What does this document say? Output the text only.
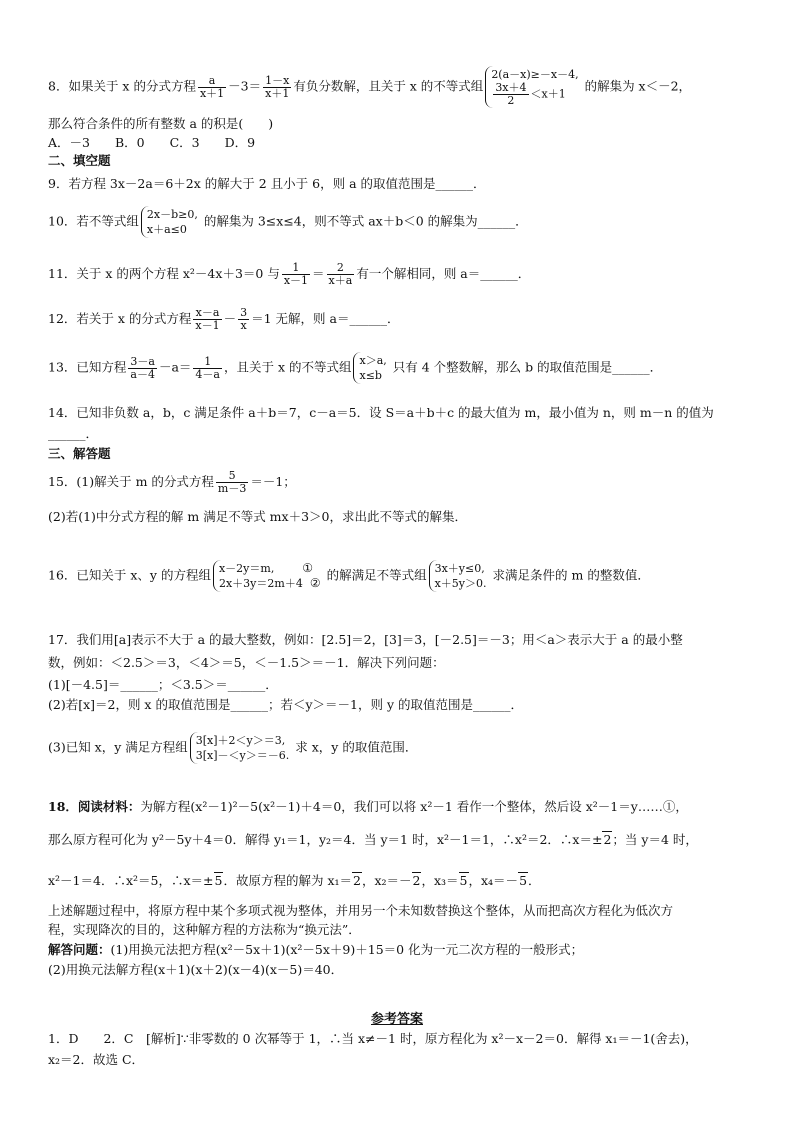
8．如果关于 x 的分式方程 $\frac{a}{x+1} -3= \frac{1-x}{x+1}$ 有负分数解，且关于 x 的不等式组
2(a－x)≥－x－4,
$\frac{3x+4}{2} <x+1$
的解集为 x＜－2，
那么符合条件的所有整数 a 的积是(　　)
A．－3　　B．0　　C．3　　D．9
二、填空题
9．若方程 3x－2a＝6＋2x 的解大于 2 且小于 6，则 a 的取值范围是______．
10．若不等式组 2x－b≥0,
x＋a≤0
的解集为 3≤x≤4，则不等式 ax＋b＜0 的解集为______．
11．关于 x 的两个方程 x²－4x＋3＝0 与 $\frac{1}{x-1} = \frac{2}{x+a}$ 有一个解相同，则 a＝______．
12．若关于 x 的分式方程 $\frac{x-a}{x-1} - \frac{3}{x} =1$ 无解，则 a＝______．
13．已知方程 $\frac{3-a}{a-4} -a= \frac{1}{4-a}$ ，且关于 x 的不等式组 x＞a,
x≤b
只有 4 个整数解，那么 b 的取值范围是______．
14．已知非负数 a，b，c 满足条件 a＋b＝7，c－a＝5．设 S＝a＋b＋c 的最大值为 m，最小值为 n，则 m－n 的值为
______．
三、解答题
15．(1)解关于 m 的分式方程 $\frac{5}{m-3} =-1$；
(2)若(1)中分式方程的解 m 满足不等式 mx＋3＞0，求出此不等式的解集．
16．已知关于 x、y 的方程组 x－2y＝m, ①
2x＋3y＝2m＋4 ②
的解满足不等式组 3x＋y≤0,
x＋5y＞0.
求满足条件的 m 的整数值．
17．我们用[a]表示不大于 a 的最大整数，例如：[2.5]＝2，[3]＝3，[－2.5]＝－3；用＜a＞表示大于 a 的最小整
数，例如：＜2.5＞＝3，＜4＞＝5，＜－1.5＞＝－1．解决下列问题：
(1)[－4.5]＝______；＜3.5＞＝______．
(2)若[x]＝2，则 x 的取值范围是______；若＜y＞＝－1，则 y 的取值范围是______．
(3)已知 x，y 满足方程组 3[x]＋2＜y＞＝3,
3[x]－＜y＞＝－6.
求 x，y 的取值范围．
18．阅读材料：为解方程(x²－1)²－5(x²－1)＋4＝0，我们可以将 x²－1 看作一个整体，然后设 x²－1＝y……①，
那么原方程可化为 y²－5y＋4＝0．解得 y₁＝1，y₂＝4．当 y＝1 时，x²－1＝1，∴x²＝2．∴x＝±2；当 y＝4 时，
x²－1＝4．∴x²＝5，∴x＝±5．故原方程的解为 x₁＝2，x₂＝－2，x₃＝5，x₄＝－5．
上述解题过程中，将原方程中某个多项式视为整体，并用另一个未知数替换这个整体，从而把高次方程化为低次方
程，实现降次的目的，这种解方程的方法称为“换元法”．
解答问题：(1)用换元法把方程(x²－5x＋1)(x²－5x＋9)＋15＝0 化为一元二次方程的一般形式；
(2)用换元法解方程(x＋1)(x＋2)(x－4)(x－5)＝40．
参考答案
1．D　　2．C　[解析]∵非零数的 0 次幂等于 1，∴当 x≠－1 时，原方程化为 x²－x－2＝0．解得 x₁＝－1(舍去)，
x₂＝2．故选 C．
